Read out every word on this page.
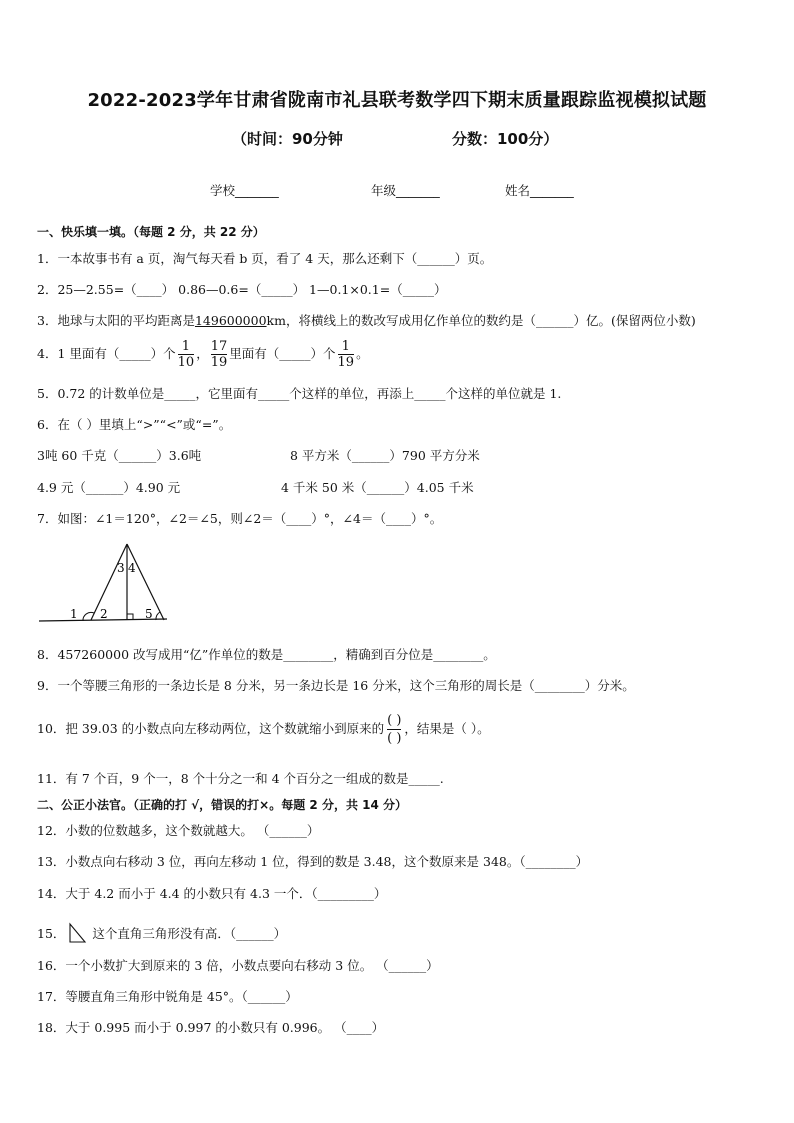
2022-2023学年甘肃省陇南市礼县联考数学四下期末质量跟踪监视模拟试题
（时间：90分钟	分数：100分）
学校_______	年级_______	姓名_______
一、快乐填一填。（每题 2 分，共 22 分）
1．一本故事书有 a 页，淘气每天看 b 页，看了 4 天，那么还剩下（______）页。
2．25—2.55=（____） 0.86—0.6=（_____） 1—0.1×0.1=（_____）
3．地球与太阳的平均距离是149600000km，将横线上的数改写成用亿作单位的数约是（______）亿。(保留两位小数)
4．1 里面有（_____）个 $\frac{1}{10}$ ， $\frac{17}{19}$ 里面有（_____）个 $\frac{1}{19}$ 。
5．0.72 的计数单位是_____，它里面有_____个这样的单位，再添上_____个这样的单位就是 1.
6．在（ ）里填上“>”“<”或“=”。
3吨 60 千克（______）3.6吨	8 平方米（______）790 平方分米
4.9 元（______）4.90 元	4 千米 50 米（______）4.05 千米
7．如图：∠1＝120°，∠2＝∠5，则∠2＝（____）°，∠4＝（____）°。
1 2
3 4
5
8．457260000 改写成用“亿”作单位的数是________，精确到百分位是________。
9．一个等腰三角形的一条边长是 8 分米，另一条边长是 16 分米，这个三角形的周长是（________）分米。
10．把 39.03 的小数点向左移动两位，这个数就缩小到原来的 $\frac{( )}{( )}$ ，结果是（ ）。
11．有 7 个百，9 个一，8 个十分之一和 4 个百分之一组成的数是_____.
二、公正小法官。（正确的打 √，错误的打×。每题 2 分，共 14 分）
12．小数的位数越多，这个数就越大。 （______）
13．小数点向右移动 3 位，再向左移动 1 位，得到的数是 3.48，这个数原来是 348。（________）
14．大于 4.2 而小于 4.4 的小数只有 4.3 一个．（_________）
15． 这个直角三角形没有高．（______）
16．一个小数扩大到原来的 3 倍，小数点要向右移动 3 位。 （______）
17．等腰直角三角形中锐角是 45°。（______）
18．大于 0.995 而小于 0.997 的小数只有 0.996。 （____）
